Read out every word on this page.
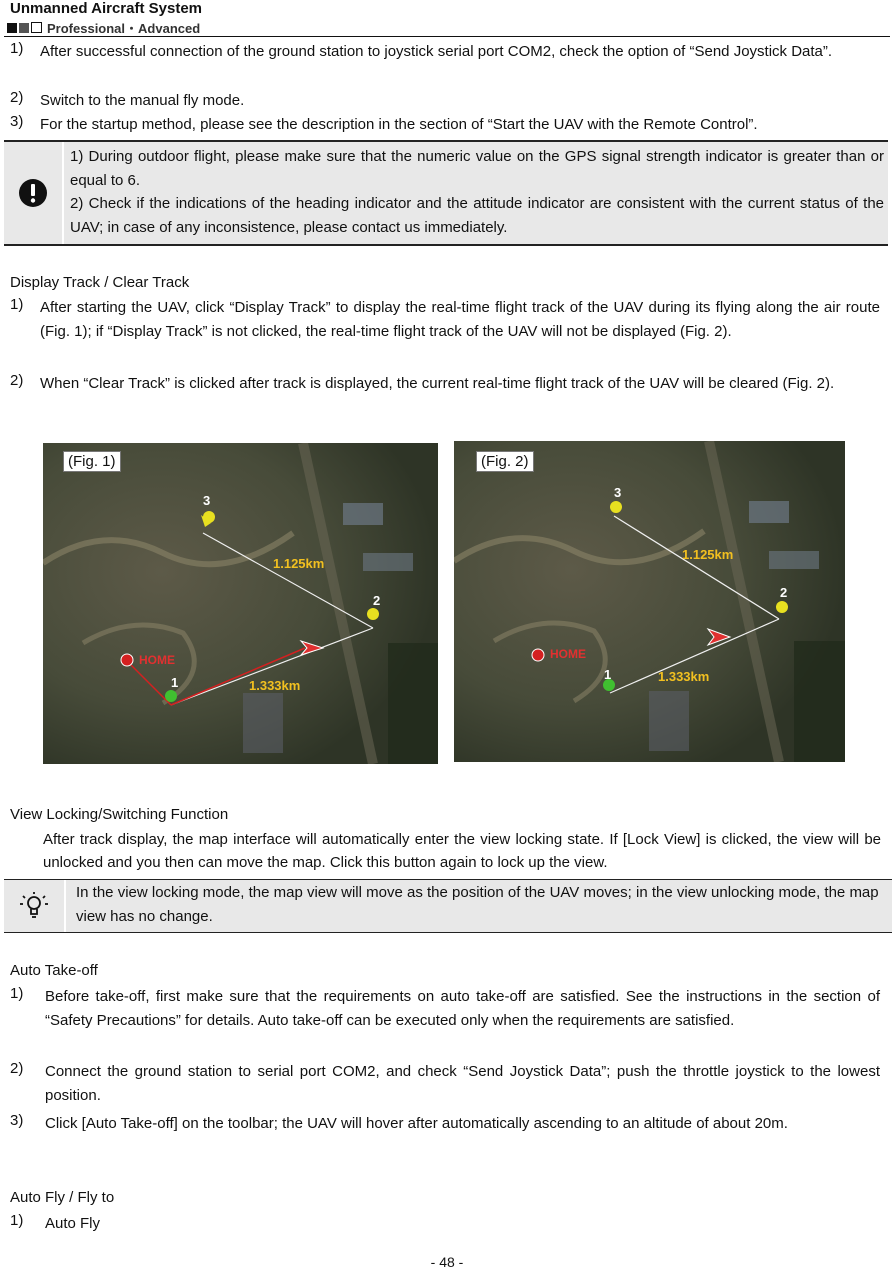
Unmanned Aircraft System
Professional・Advanced
1) After successful connection of the ground station to joystick serial port COM2, check the option of “Send Joystick Data”.
2) Switch to the manual fly mode.
3) For the startup method, please see the description in the section of “Start the UAV with the Remote Control”.
1) During outdoor flight, please make sure that the numeric value on the GPS signal strength indicator is greater than or equal to 6.
2) Check if the indications of the heading indicator and the attitude indicator are consistent with the current status of the UAV; in case of any inconsistence, please contact us immediately.
Display Track / Clear Track
1) After starting the UAV, click “Display Track” to display the real-time flight track of the UAV during its flying along the air route (Fig. 1); if “Display Track” is not clicked, the real-time flight track of the UAV will not be displayed (Fig. 2).
2) When “Clear Track” is clicked after track is displayed, the current real-time flight track of the UAV will be cleared (Fig. 2).
(Fig. 1)
3
2
1
HOME
1.125km
1.333km
(Fig. 2)
3
2
1
HOME
1.125km
1.333km
View Locking/Switching Function
After track display, the map interface will automatically enter the view locking state. If [Lock View] is clicked, the view will be unlocked and you then can move the map. Click this button again to lock up the view.
In the view locking mode, the map view will move as the position of the UAV moves; in the view unlocking mode, the map view has no change.
Auto Take-off
1) Before take-off, first make sure that the requirements on auto take-off are satisfied. See the instructions in the section of “Safety Precautions” for details. Auto take-off can be executed only when the requirements are satisfied.
2) Connect the ground station to serial port COM2, and check “Send Joystick Data”; push the throttle joystick to the lowest position.
3) Click [Auto Take-off] on the toolbar; the UAV will hover after automatically ascending to an altitude of about 20m.
Auto Fly / Fly to
1) Auto Fly
- 48 -
